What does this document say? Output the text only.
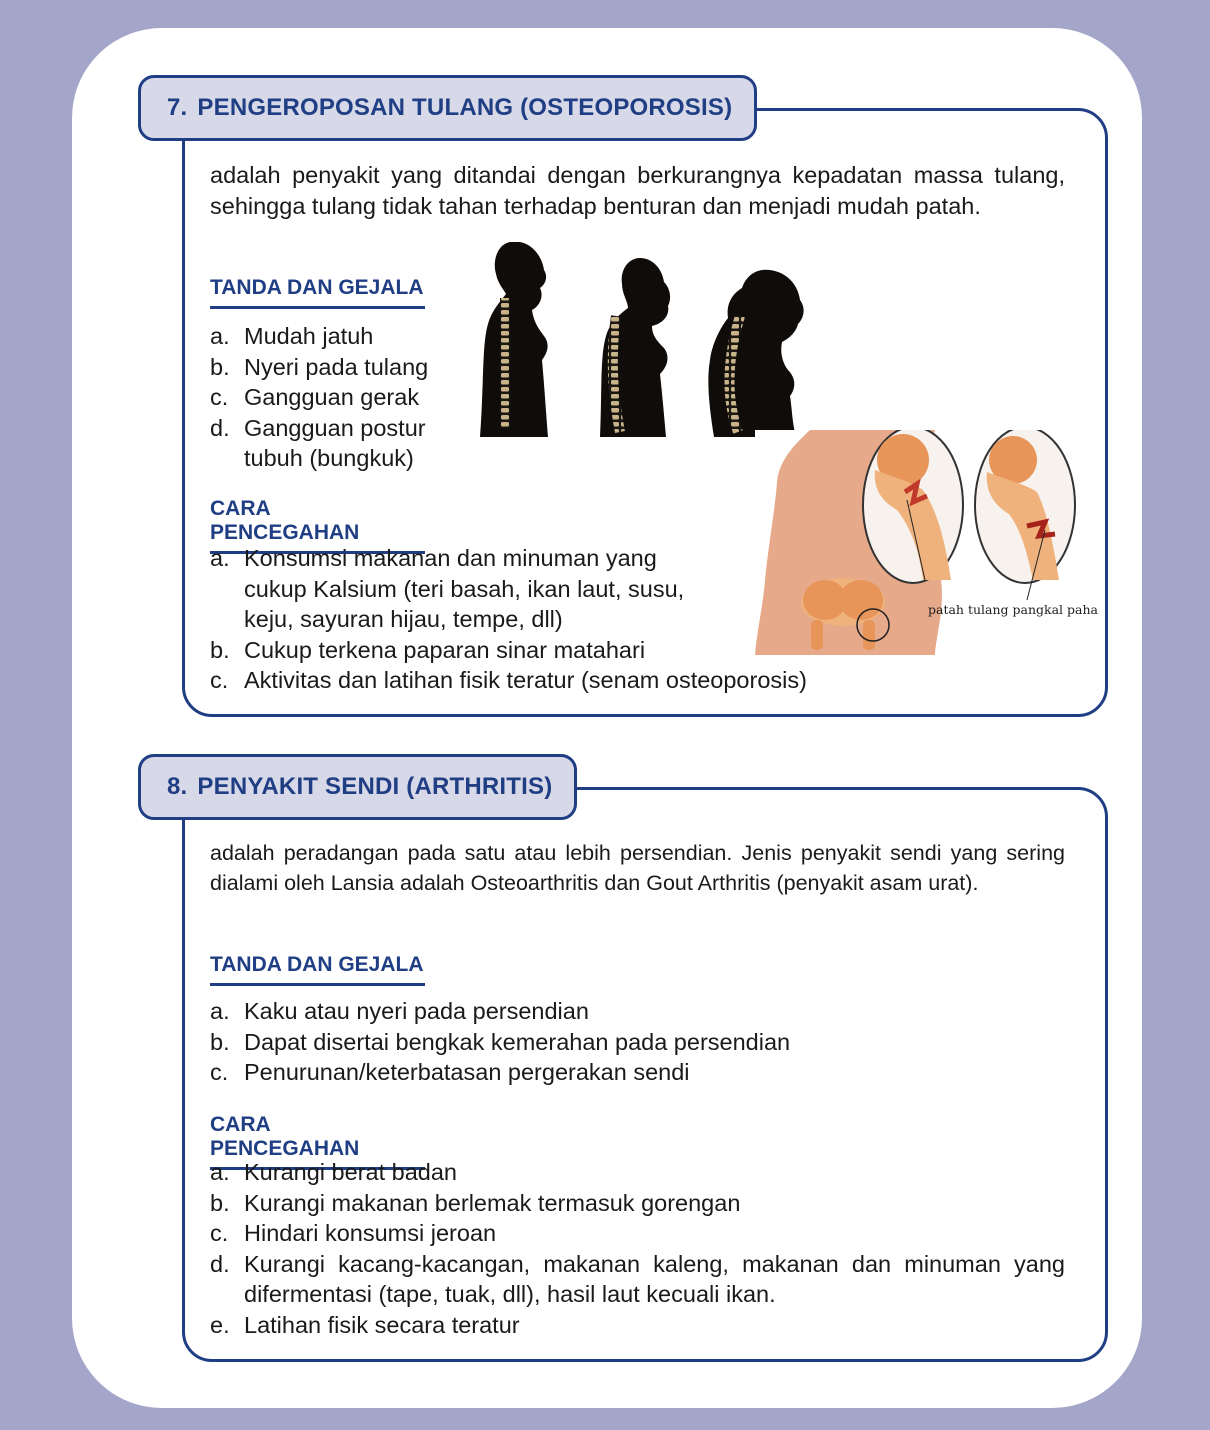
7. PENGEROPOSAN TULANG (OSTEOPOROSIS)
adalah penyakit yang ditandai dengan berkurangnya kepadatan massa tulang, sehingga tulang tidak tahan terhadap benturan dan menjadi mudah patah.
TANDA DAN GEJALA
a. Mudah jatuh
b. Nyeri pada tulang
c. Gangguan gerak
d. Gangguan postur
tubuh (bungkuk)
CARA PENCEGAHAN
a. Konsumsi makanan dan minuman yang
cukup Kalsium (teri basah, ikan laut, susu,
keju, sayuran hijau, tempe, dll)
b. Cukup terkena paparan sinar matahari
c. Aktivitas dan latihan fisik teratur (senam osteoporosis)
patah tulang pangkal paha
8. PENYAKIT SENDI (ARTHRITIS)
adalah peradangan pada satu atau lebih persendian. Jenis penyakit sendi yang sering dialami oleh Lansia adalah Osteoarthritis dan Gout Arthritis (penyakit asam urat).
TANDA DAN GEJALA
a. Kaku atau nyeri pada persendian
b. Dapat disertai bengkak kemerahan pada persendian
c. Penurunan/keterbatasan pergerakan sendi
CARA PENCEGAHAN
a. Kurangi berat badan
b. Kurangi makanan berlemak termasuk gorengan
c. Hindari konsumsi jeroan
d. Kurangi kacang-kacangan, makanan kaleng, makanan dan minuman yang difermentasi (tape, tuak, dll), hasil laut kecuali ikan.
e. Latihan fisik secara teratur
